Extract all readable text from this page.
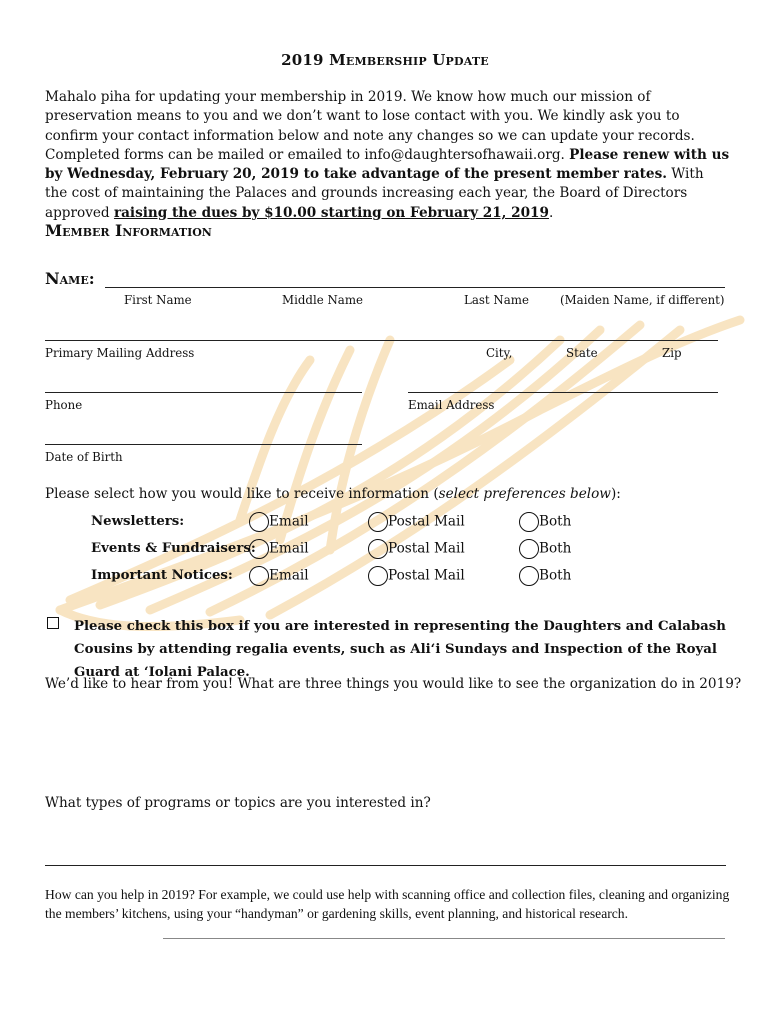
2019 Membership Update
Mahalo piha for updating your membership in 2019. We know how much our mission of preservation means to you and we don’t want to lose contact with you. We kindly ask you to confirm your contact information below and note any changes so we can update your records. Completed forms can be mailed or emailed to info@daughtersofhawaii.org. Please renew with us by Wednesday, February 20, 2019 to take advantage of the present member rates. With the cost of maintaining the Palaces and grounds increasing each year, the Board of Directors approved raising the dues by $10.00 starting on February 21, 2019.
Member Information
Name:
First Name	Middle Name	Last Name	(Maiden Name, if different)
Primary Mailing Address	City,	State	Zip
Phone	Email Address
Date of Birth
Please select how you would like to receive information (select preferences below):
Newsletters:	Email	Postal Mail	Both
Events & Fundraisers: Email	Postal Mail	Both
Important Notices:	Email	Postal Mail	Both
Please check this box if you are interested in representing the Daughters and Calabash Cousins by attending regalia events, such as Aliʻi Sundays and Inspection of the Royal Guard at ʻIolani Palace.
We’d like to hear from you! What are three things you would like to see the organization do in 2019?
What types of programs or topics are you interested in?
How can you help in 2019? For example, we could use help with scanning office and collection files, cleaning and organizing the members’ kitchens, using your “handyman” or gardening skills, event planning, and historical research.
